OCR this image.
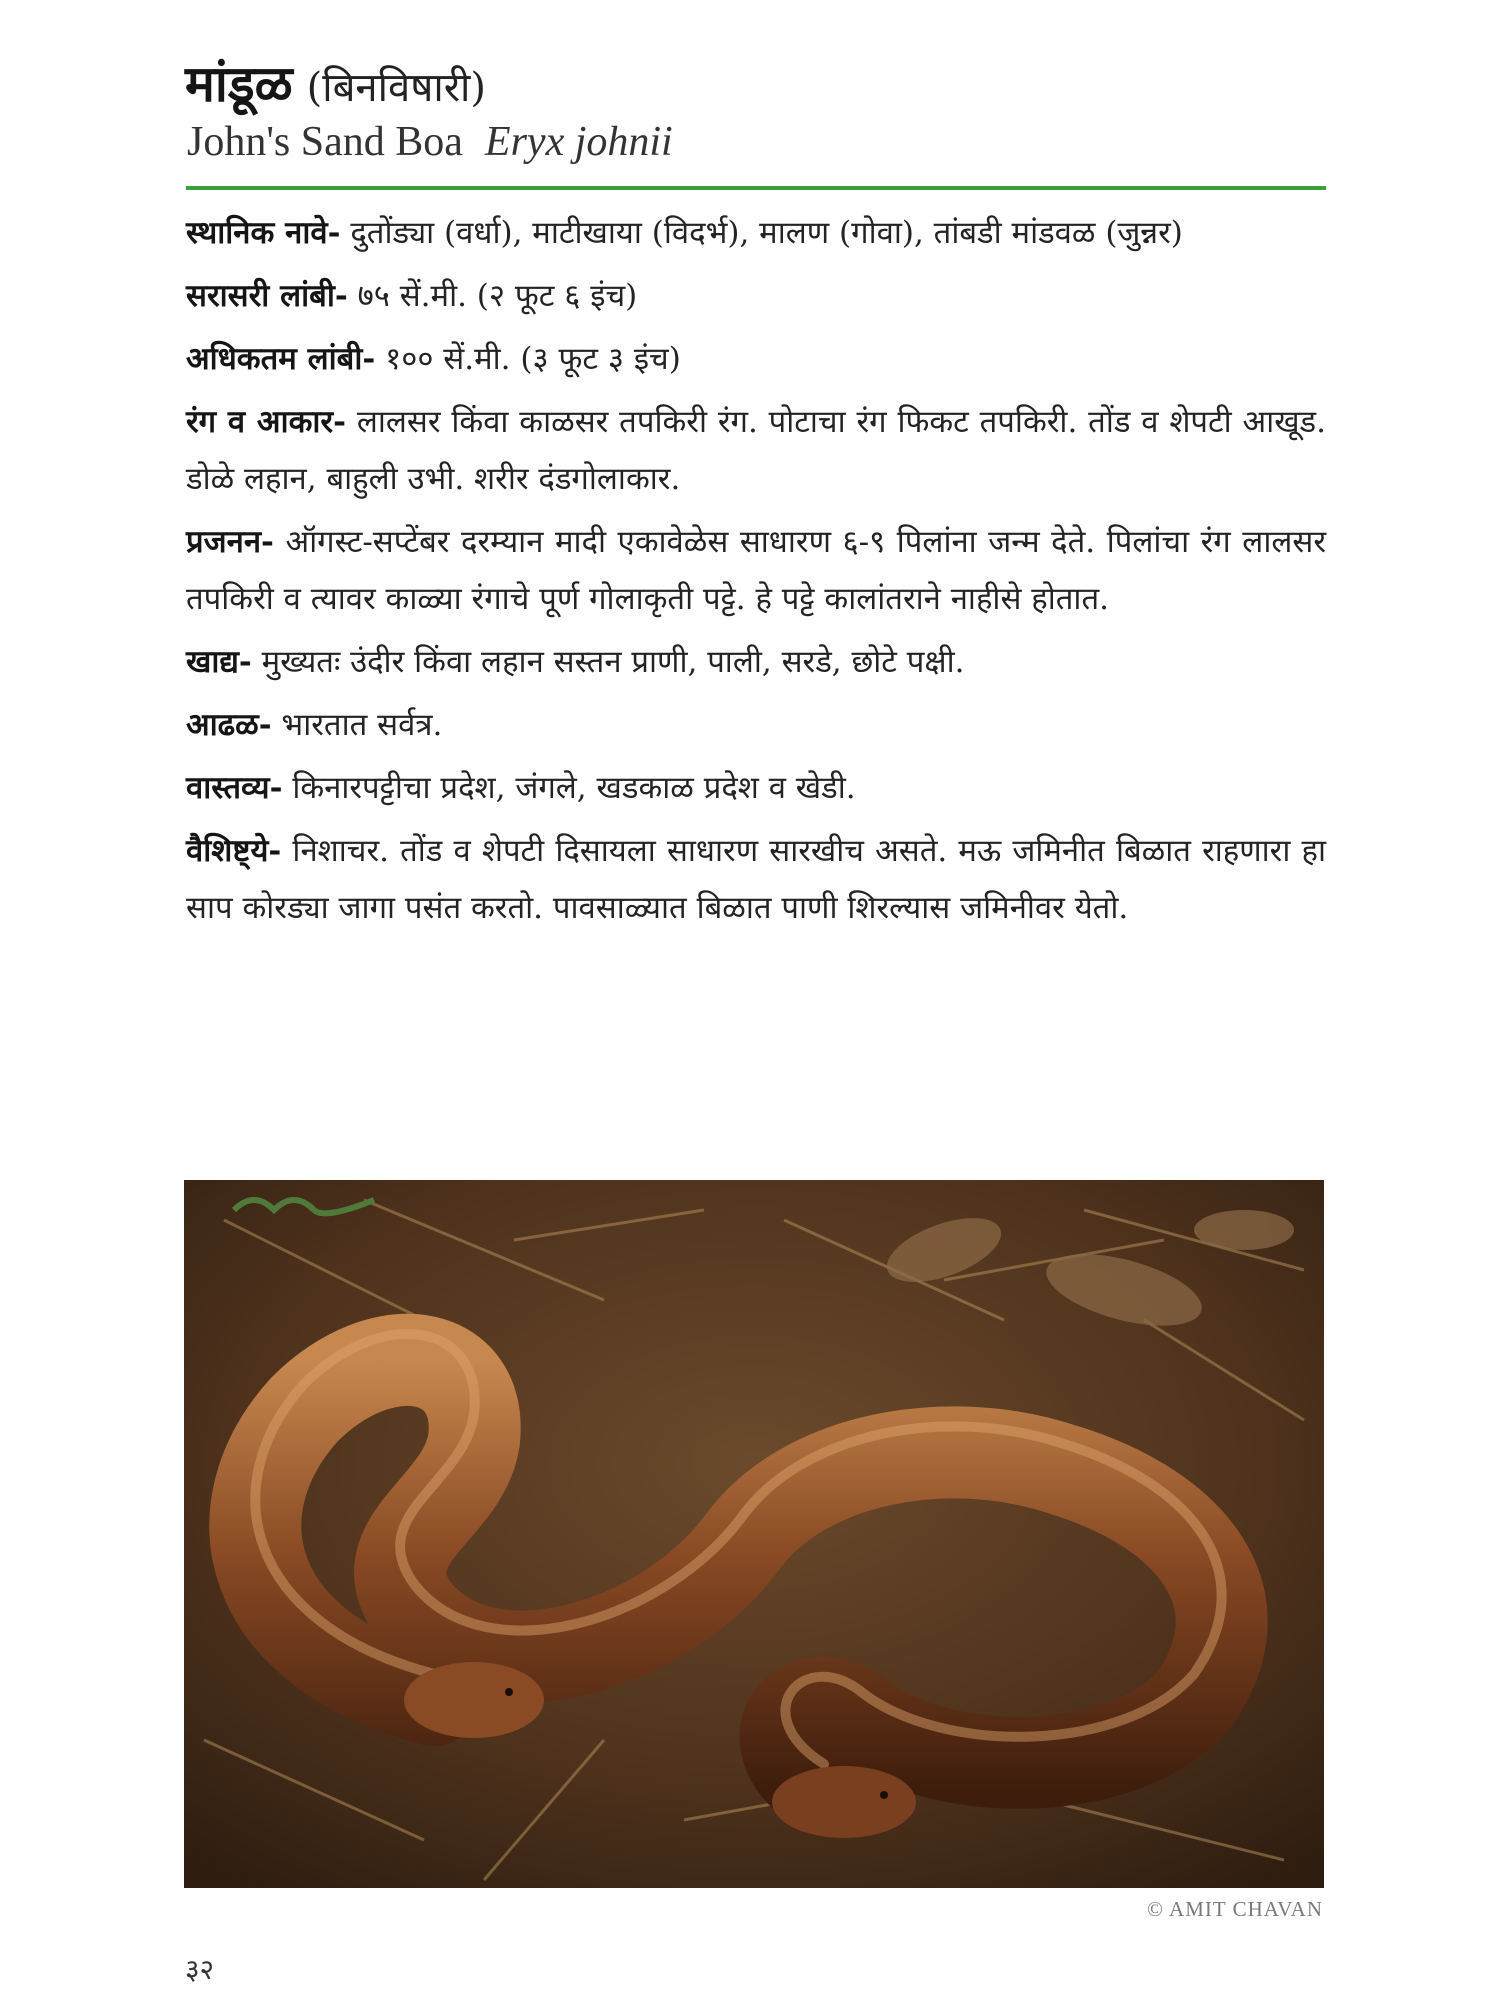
मांडूळ (बिनविषारी)
John's Sand Boa Eryx johnii

स्थानिक नावे- दुतोंड्या (वर्धा), माटीखाया (विदर्भ), मालण (गोवा), तांबडी मांडवळ (जुन्नर)

सरासरी लांबी- ७५ सें.मी. (२ फूट ६ इंच)

अधिकतम लांबी- १०० सें.मी. (३ फूट ३ इंच)

रंग व आकार- लालसर किंवा काळसर तपकिरी रंग. पोटाचा रंग फिकट तपकिरी. तोंड व शेपटी आखूड. डोळे लहान, बाहुली उभी. शरीर दंडगोलाकार.

प्रजनन- ऑगस्ट-सप्टेंबर दरम्यान मादी एकावेळेस साधारण ६-९ पिलांना जन्म देते. पिलांचा रंग लालसर तपकिरी व त्यावर काळ्या रंगाचे पूर्ण गोलाकृती पट्टे. हे पट्टे कालांतराने नाहीसे होतात.

खाद्य- मुख्यतः उंदीर किंवा लहान सस्तन प्राणी, पाली, सरडे, छोटे पक्षी.

आढळ- भारतात सर्वत्र.

वास्तव्य- किनारपट्टीचा प्रदेश, जंगले, खडकाळ प्रदेश व खेडी.

वैशिष्ट्ये- निशाचर. तोंड व शेपटी दिसायला साधारण सारखीच असते. मऊ जमिनीत बिळात राहणारा हा साप कोरड्या जागा पसंत करतो. पावसाळ्यात बिळात पाणी शिरल्यास जमिनीवर येतो.

© AMIT CHAVAN
३२
